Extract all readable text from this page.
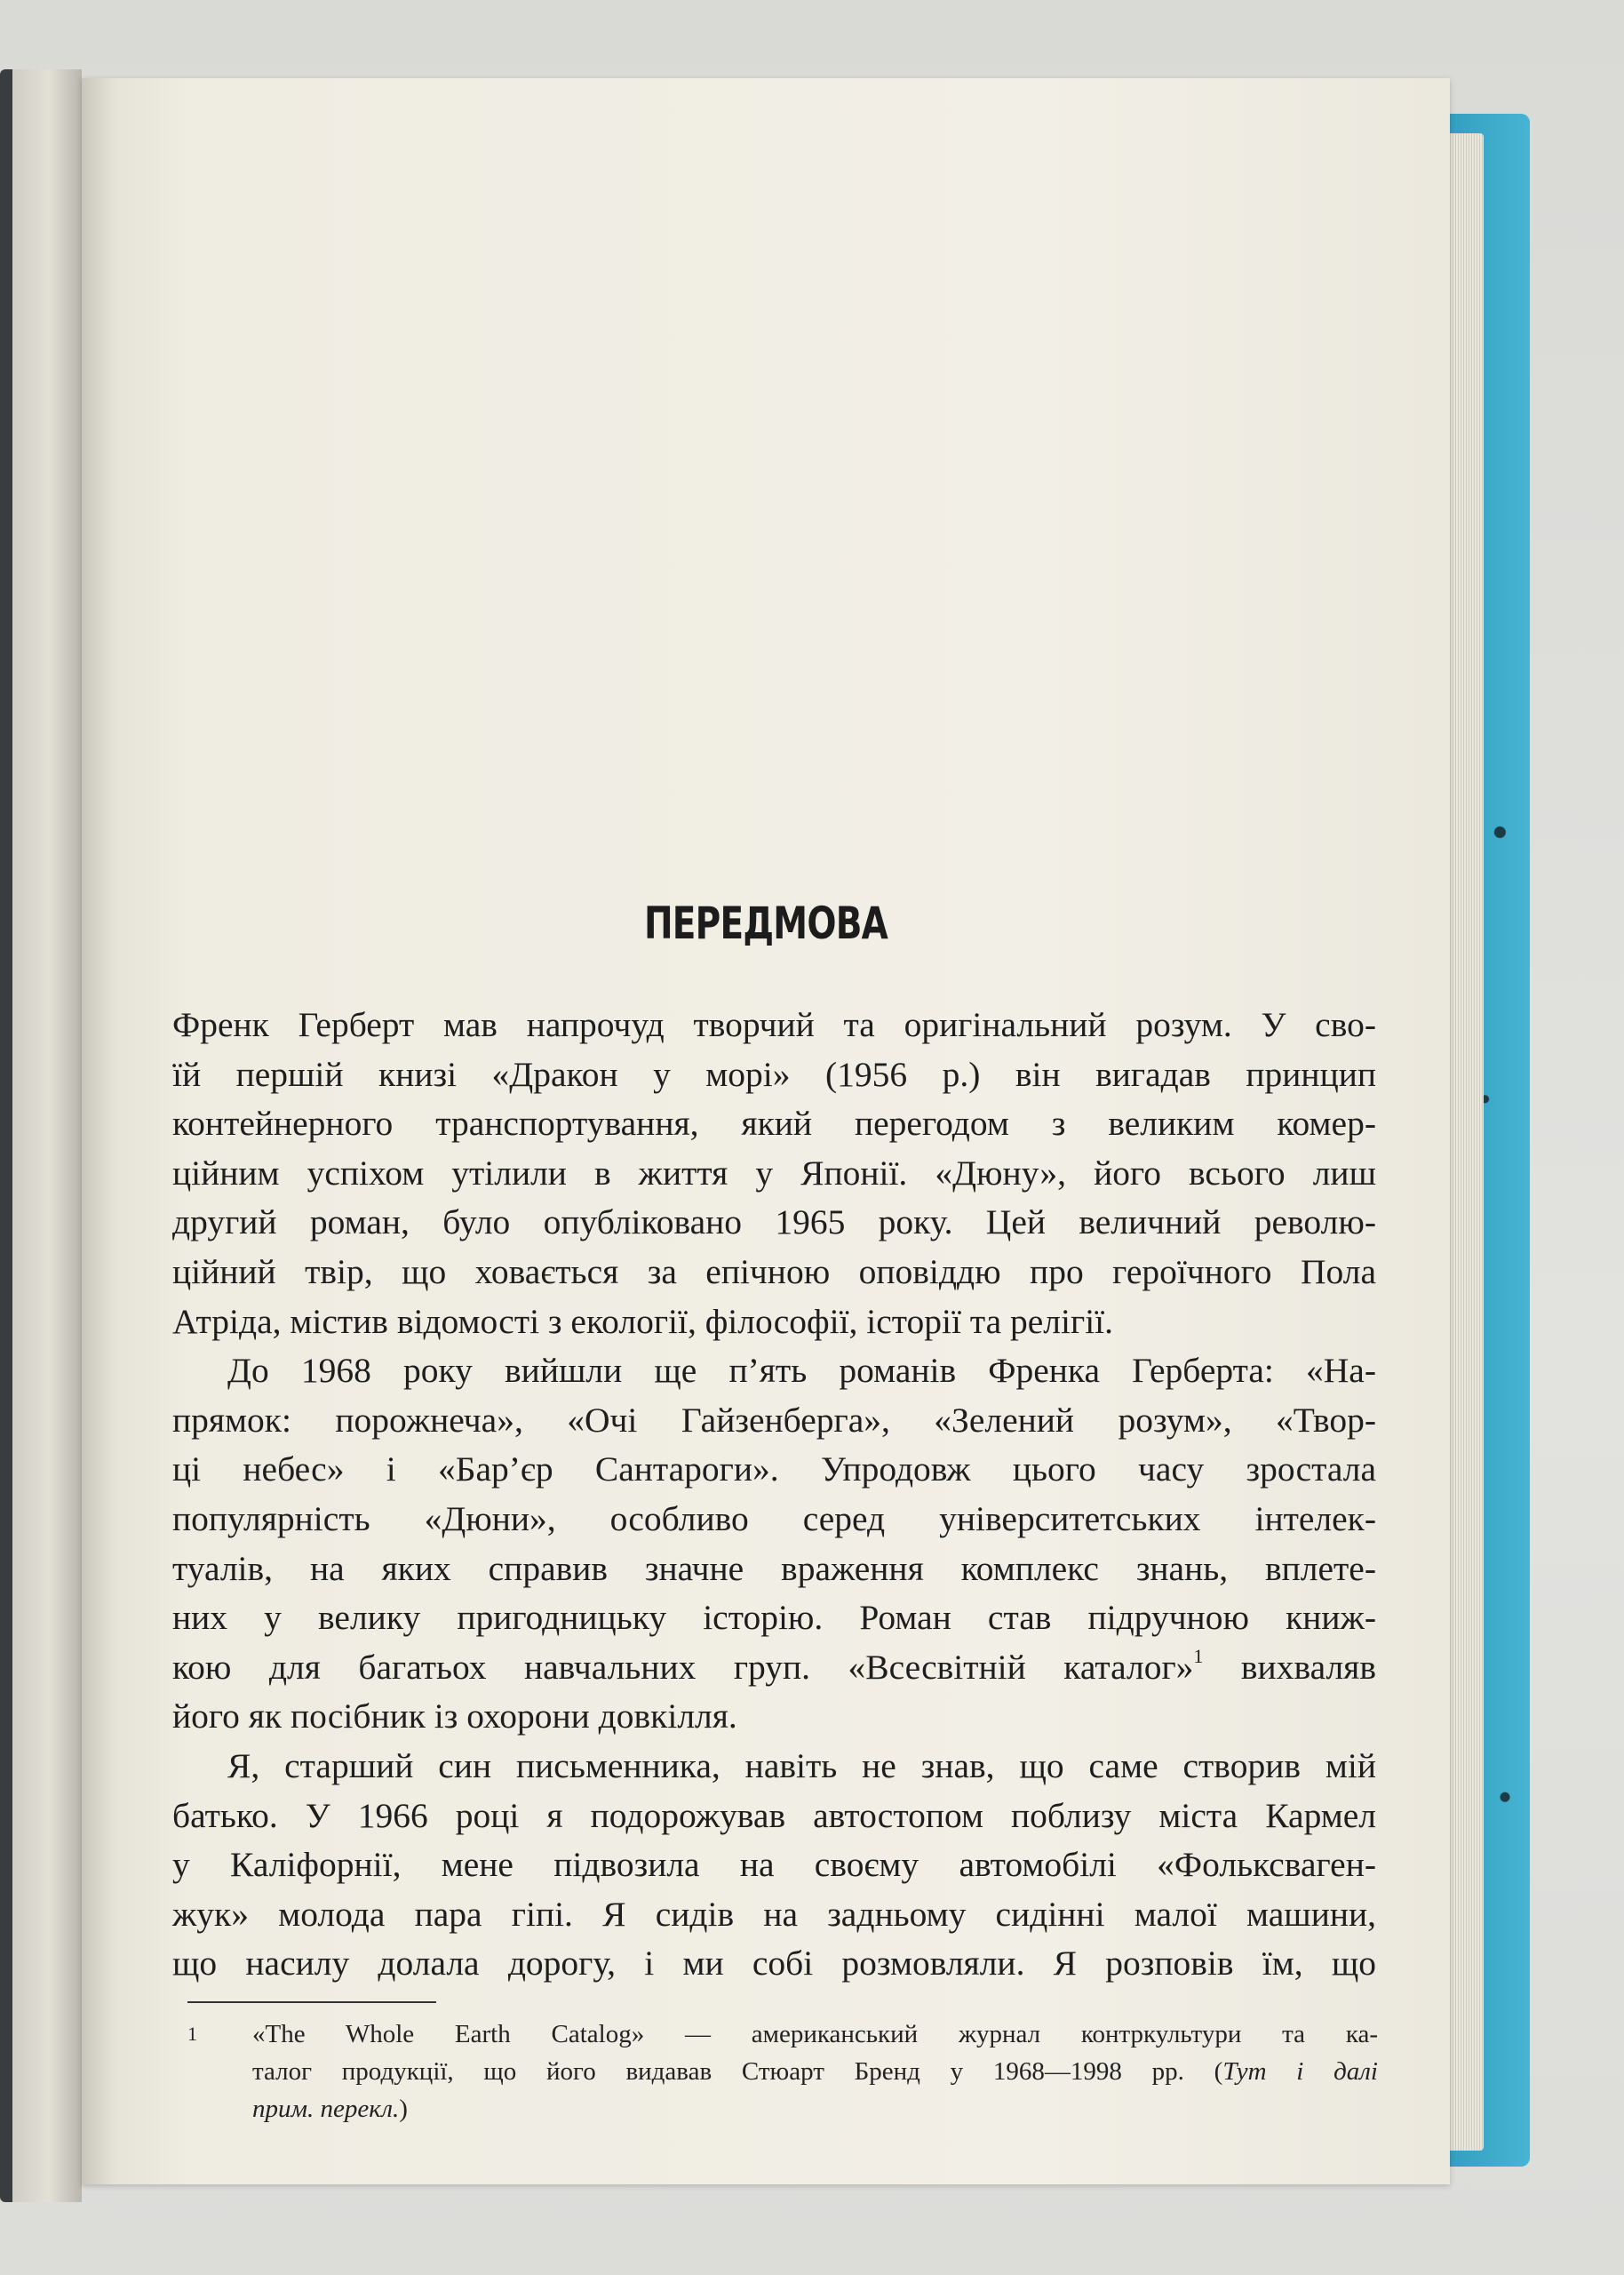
ПЕРЕДМОВА
Френк Герберт мав напрочуд творчий та оригінальний розум. У сво-
їй першій книзі «Дракон у морі» (1956 р.) він вигадав принцип
контейнерного транспортування, який перегодом з великим комер-
ційним успіхом утілили в життя у Японії. «Дюну», його всього лиш
другий роман, було опубліковано 1965 року. Цей величний револю-
ційний твір, що ховається за епічною оповіддю про героїчного Пола
Атріда, містив відомості з екології, філософії, історії та релігії.
До 1968 року вийшли ще п’ять романів Френка Герберта: «На-
прямок: порожнеча», «Очі Гайзенберга», «Зелений розум», «Твор-
ці небес» і «Бар’єр Сантароги». Упродовж цього часу зростала
популярність «Дюни», особливо серед університетських інтелек-
туалів, на яких справив значне враження комплекс знань, вплете-
них у велику пригодницьку історію. Роман став підручною книж-
кою для багатьох навчальних груп. «Всесвітній каталог»$^1$ вихваляв
його як посібник із охорони довкілля.
Я, старший син письменника, навіть не знав, що саме створив мій
батько. У 1966 році я подорожував автостопом поблизу міста Кармел
у Каліфорнії, мене підвозила на своєму автомобілі «Фольксваген-
жук» молода пара гіпі. Я сидів на задньому сидінні малої машини,
що насилу долала дорогу, і ми собі розмовляли. Я розповів їм, що
1 «The Whole Earth Catalog» — американський журнал контркультури та ка-
талог продукції, що його видавав Стюарт Бренд у 1968—1998 рр. (Тут і далі
прим. перекл.)
